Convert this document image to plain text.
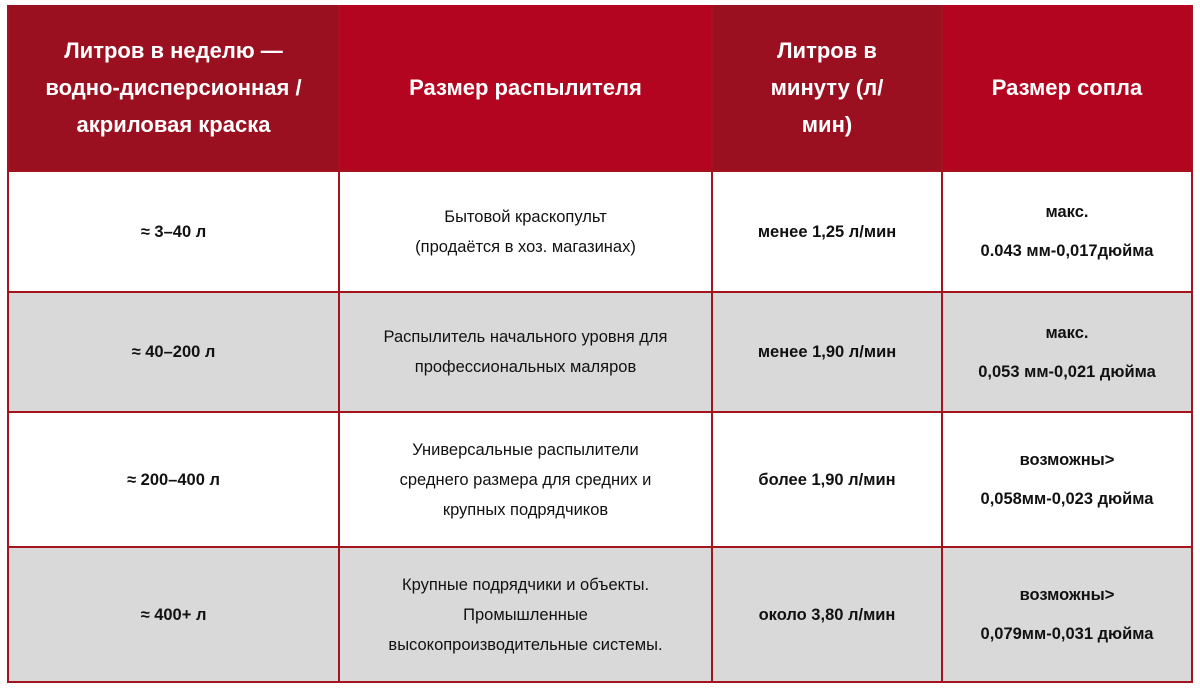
Литров в неделю — водно-дисперсионная / акриловая краска	Размер распылителя	Литров в минуту (л/мин)	Размер сопла
≈ 3–40 л	Бытовой краскопульт
(продаётся в хоз. магазинах)	менее 1,25 л/мин	макс.
0.043 мм-0,017дюйма

≈ 40–200 л	Распылитель начального уровня для
профессиональных маляров	менее 1,90 л/мин	макс.
0,053 мм-0,021 дюйма

≈ 200–400 л	Универсальные распылители
среднего размера для средних и
крупных подрядчиков	более 1,90 л/мин	возможны>
0,058мм-0,023 дюйма

≈ 400+ л	Крупные подрядчики и объекты.
Промышленные
высокопроизводительные системы.	около 3,80 л/мин	возможны>
0,079мм-0,031 дюйма
